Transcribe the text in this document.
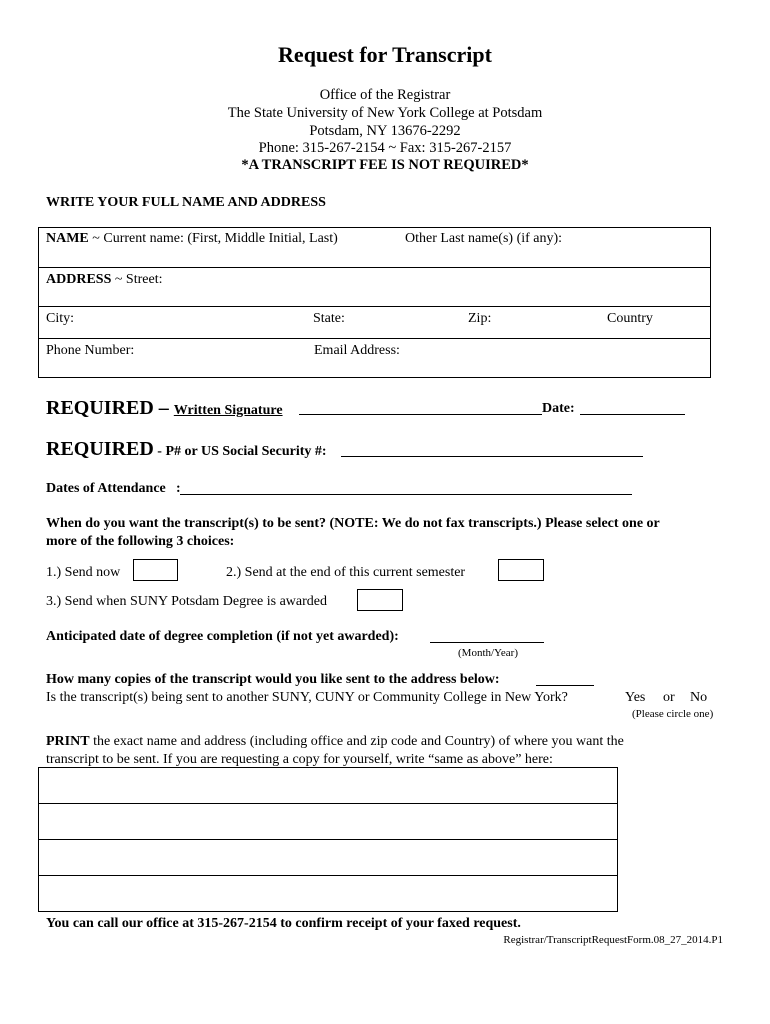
Request for Transcript
Office of the Registrar
The State University of New York College at Potsdam
Potsdam, NY 13676-2292
Phone: 315-267-2154 ~ Fax: 315-267-2157
*A TRANSCRIPT FEE IS NOT REQUIRED*
WRITE YOUR FULL NAME AND ADDRESS
NAME ~ Current name: (First, Middle Initial, Last)	Other Last name(s) (if any):
ADDRESS ~ Street:
City:	State:	Zip:	Country
Phone Number:	Email Address:
REQUIRED – Written Signature	Date:
REQUIRED - P# or US Social Security #:
Dates of Attendance :
When do you want the transcript(s) to be sent? (NOTE: We do not fax transcripts.) Please select one or
more of the following 3 choices:
1.) Send now	2.) Send at the end of this current semester
3.) Send when SUNY Potsdam Degree is awarded
Anticipated date of degree completion (if not yet awarded):
(Month/Year)
How many copies of the transcript would you like sent to the address below:
Is the transcript(s) being sent to another SUNY, CUNY or Community College in New York?	Yes or No
(Please circle one)
PRINT the exact name and address (including office and zip code and Country) of where you want the
transcript to be sent. If you are requesting a copy for yourself, write “same as above” here:
You can call our office at 315-267-2154 to confirm receipt of your faxed request.
Registrar/TranscriptRequestForm.08_27_2014.P1
